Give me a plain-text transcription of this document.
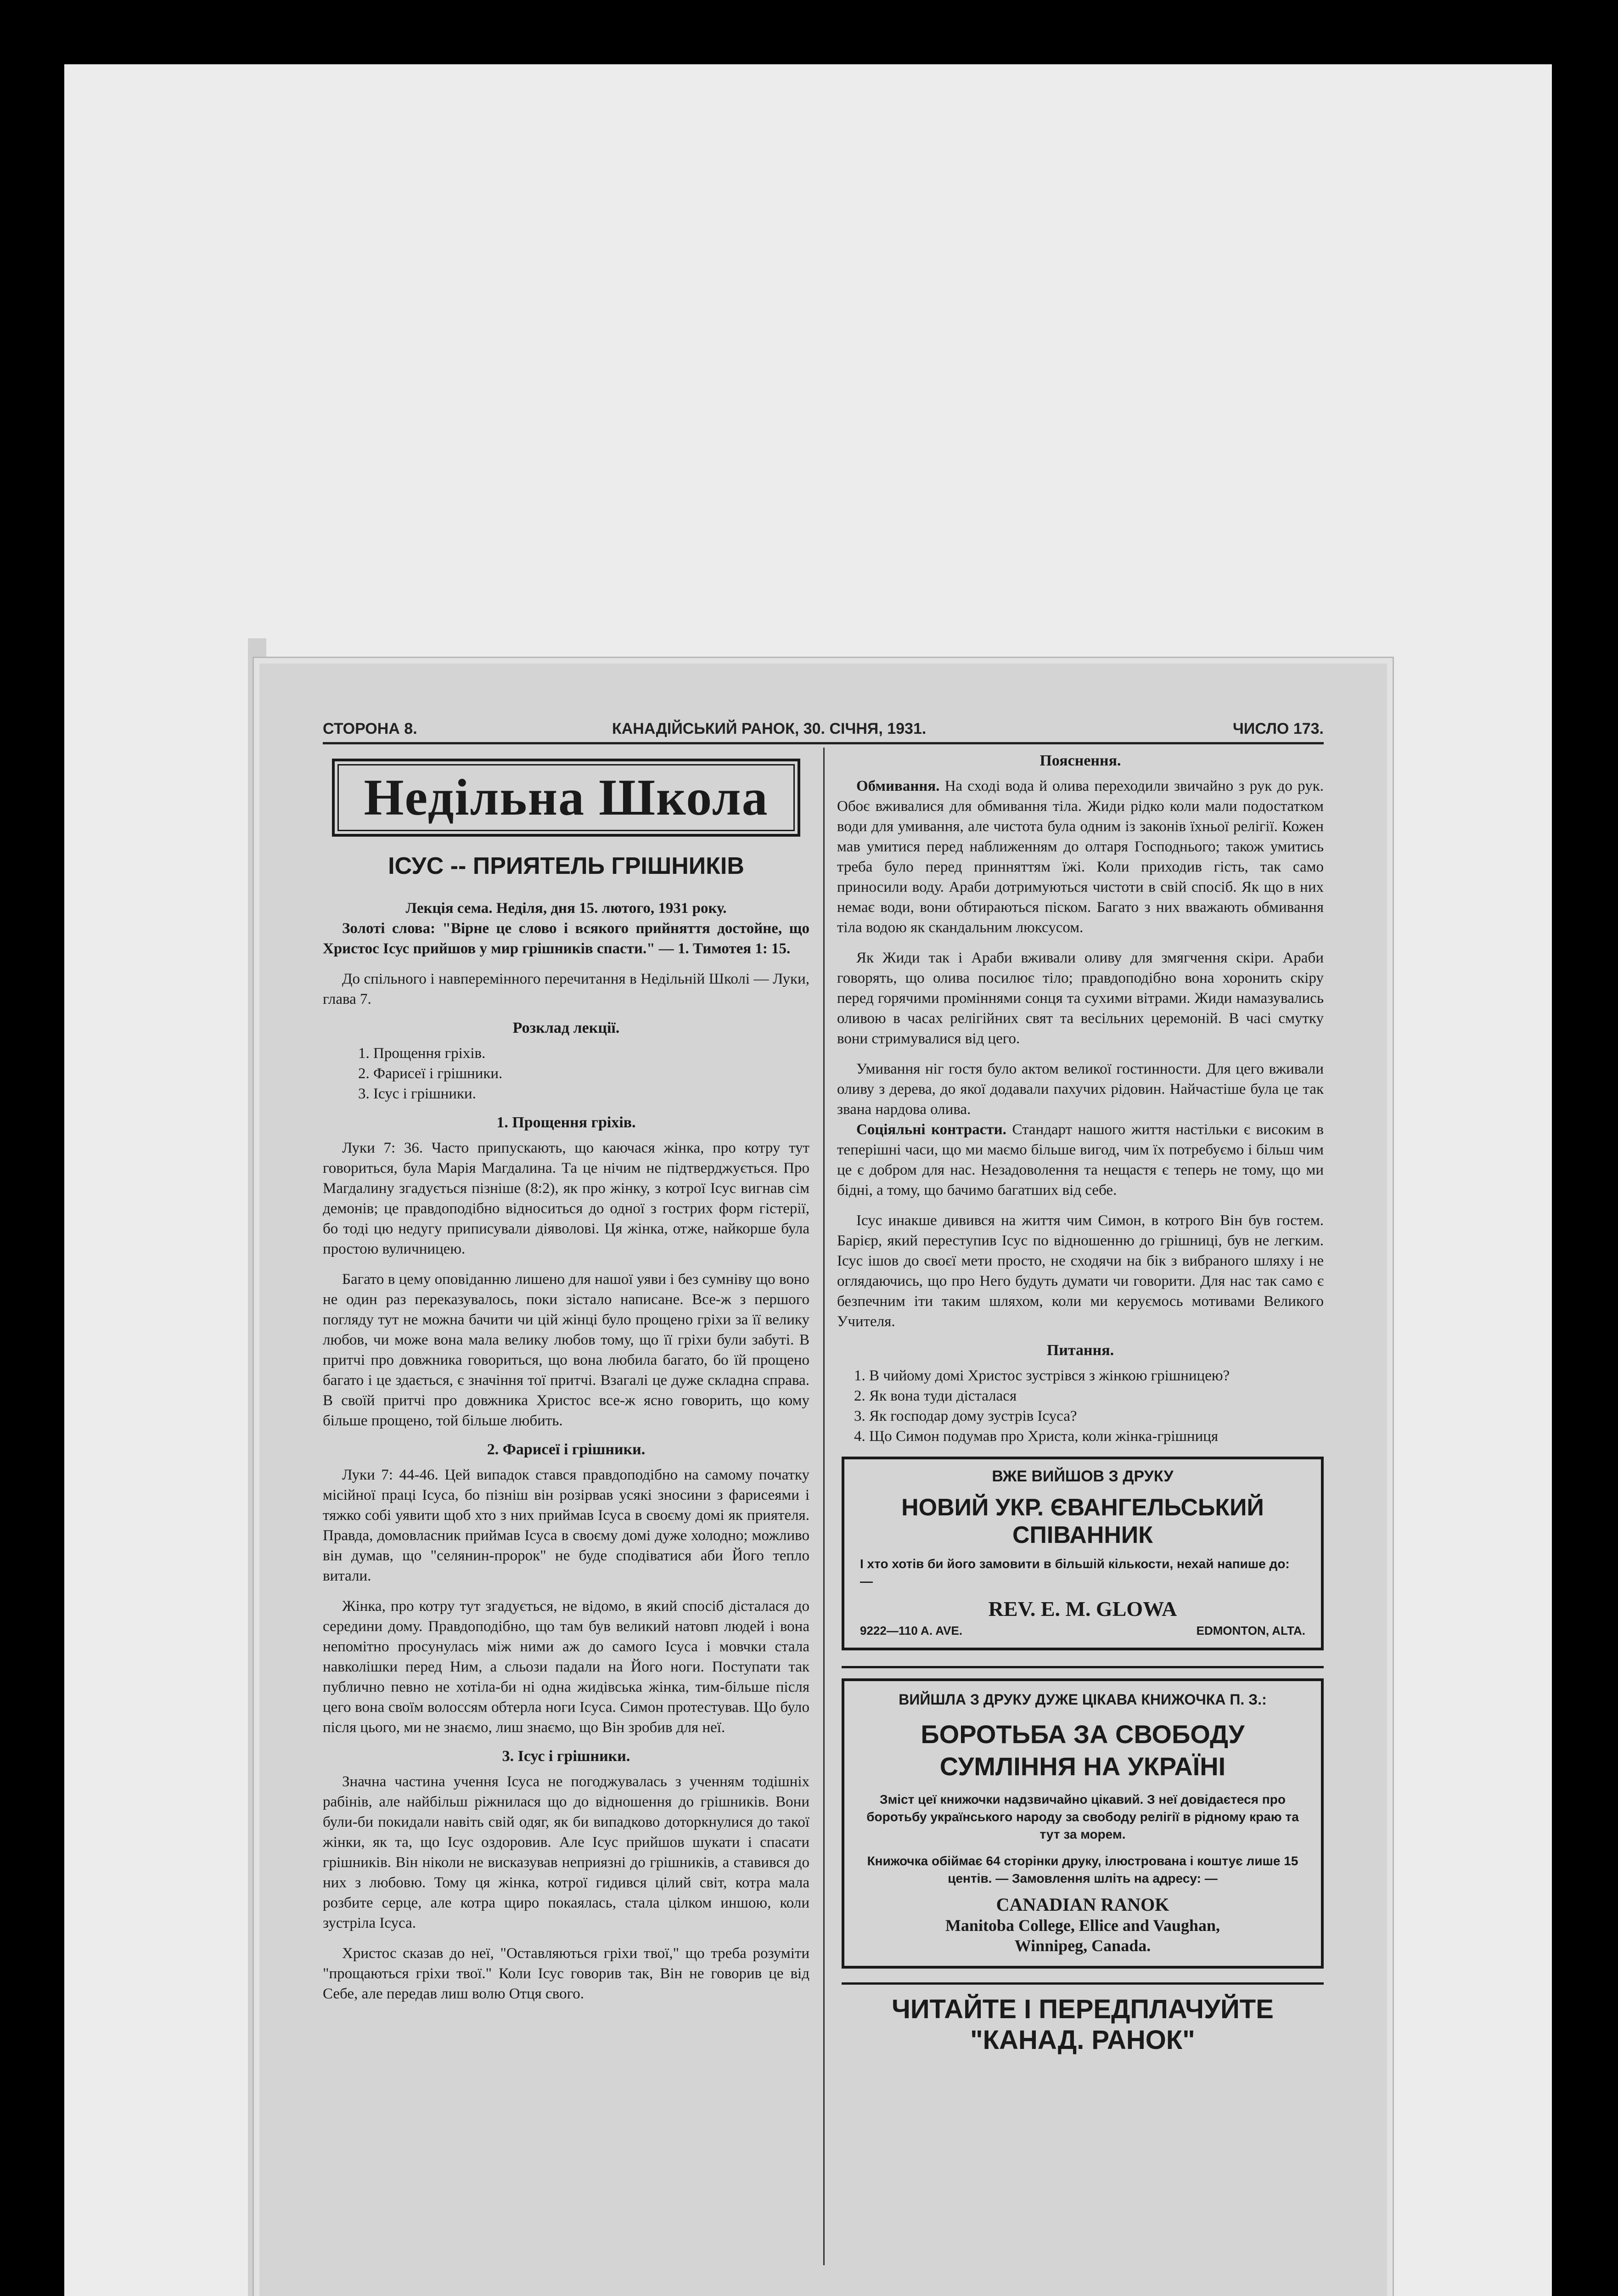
СТОРОНА 8.	КАНАДІЙСЬКИЙ РАНОК, 30. СІЧНЯ, 1931.	ЧИСЛО 173.
Недільна Школа
ІСУС -- ПРИЯТЕЛЬ ГРІШНИКІВ

Лекція сема. Неділя, дня 15. лютого, 1931 року.

Золоті слова: "Вірне це слово і всякого прийняття достойне, що Христос Ісус прийшов у мир грішників спасти." — 1. Тимотея 1: 15.

До спільного і навперемінного перечитання в Недільній Школі — Луки, глава 7.

Розклад лекції.
1. Прощення гріхів.
2. Фарисеї і грішники.
3. Ісус і грішники.
1. Прощення гріхів.

Луки 7: 36. Часто припускають, що каючася жінка, про котру тут говориться, була Марія Магдалина. Та це нічим не підтверджується. Про Магдалину згадується пізніше (8:2), як про жінку, з котрої Ісус вигнав сім демонів; це правдоподібно відноситься до одної з гострих форм гістерії, бо тоді цю недугу приписували діяволові. Ця жінка, отже, найкорше була простою вуличницею.

Багато в цему оповіданню лишено для нашої уяви і без сумніву що воно не один раз переказувалось, поки зістало написане. Все-ж з першого погляду тут не можна бачити чи цій жінці було прощено гріхи за її велику любов, чи може вона мала велику любов тому, що її гріхи були забуті. В притчі про довжника говориться, що вона любила багато, бо їй прощено багато і це здається, є значіння тої притчі. Взагалі це дуже складна справа. В своїй притчі про довжника Христос все-ж ясно говорить, що кому більше прощено, той більше любить.

2. Фарисеї і грішники.

Луки 7: 44-46. Цей випадок стався правдоподібно на самому початку місійної праці Ісуса, бо пізніш він розірвав усякі зносини з фарисеями і тяжко собі уявити щоб хто з них приймав Ісуса в своєму домі як приятеля. Правда, домовласник приймав Ісуса в своєму домі дуже холодно; можливо він думав, що "селянин-пророк" не буде сподіватися аби Його тепло витали.

Жінка, про котру тут згадується, не відомо, в який спосіб дісталася до середини дому. Правдоподібно, що там був великий натовп людей і вона непомітно просунулась між ними аж до самого Ісуса і мовчки стала навколішки перед Ним, а сльози падали на Його ноги. Поступати так публично певно не хотіла-би ні одна жидівська жінка, тим-більше після цего вона своїм волоссям обтерла ноги Ісуса. Симон протестував. Що було після цього, ми не знаємо, лиш знаємо, що Він зробив для неї.

3. Ісус і грішники.

Значна частина учення Ісуса не погоджувалась з ученням тодішніх рабінів, але найбільш ріжнилася що до відношення до грішників. Вони були-би покидали навіть свій одяг, як би випадково доторкнулися до такої жінки, як та, що Ісус оздоровив. Але Ісус прийшов шукати і спасати грішників. Він ніколи не висказував неприязні до грішників, а ставився до них з любовю. Тому ця жінка, котрої гидився цілий світ, котра мала розбите серце, але котра щиро покаялась, стала цілком иншою, коли зустріла Ісуса.

Христос сказав до неї, "Оставляються гріхи твої," що треба розуміти "прощаються гріхи твої." Коли Ісус говорив так, Він не говорив це від Себе, але передав лиш волю Отця свого.

Пояснення.

Обмивання. На сході вода й олива переходили звичайно з рук до рук. Обоє вживалися для обмивання тіла. Жиди рідко коли мали подостатком води для умивання, але чистота була одним із законів їхньої релігії. Кожен мав умитися перед наближенням до олтаря Господнього; також умитись треба було перед принняттям їжі. Коли приходив гість, так само приносили воду. Араби дотримуються чистоти в свій спосіб. Як що в них немає води, вони обтираються піском. Багато з них вважають обмивання тіла водою як скандальним люксусом.

Як Жиди так і Араби вживали оливу для змягчення скіри. Араби говорять, що олива посилює тіло; правдоподібно вона хоронить скіру перед горячими проміннями сонця та сухими вітрами. Жиди намазувались оливою в часах релігійних свят та весільних церемоній. В часі смутку вони стримувалися від цего.

Умивання ніг гостя було актом великої гостинности. Для цего вживали оливу з дерева, до якої додавали пахучих рідовин. Найчастіше була це так звана нардова олива.

Соціяльні контрасти. Стандарт нашого життя настільки є високим в теперішні часи, що ми маємо більше вигод, чим їх потребуємо і більш чим це є добром для нас. Незадоволення та нещастя є теперь не тому, що ми бідні, а тому, що бачимо багатших від себе.

Ісус инакше дивився на життя чим Симон, в котрого Він був гостем. Барієр, який переступив Ісус по відношенню до грішниці, був не легким. Ісус ішов до своєї мети просто, не сходячи на бік з вибраного шляху і не оглядаючись, що про Него будуть думати чи говорити. Для нас так само є безпечним іти таким шляхом, коли ми керуємось мотивами Великого Учителя.

Питання.
1. В чийому домі Христос зустрівся з жінкою грішницею?
2. Як вона туди дісталася
3. Як господар дому зустрів Ісуса?
4. Що Симон подумав про Христа, коли жінка-грішниця
ВЖЕ ВИЙШОВ З ДРУКУ
НОВИЙ УКР. ЄВАНГЕЛЬСЬКИЙ СПІВАННИК
І хто хотів би його замовити в більшій кількости, нехай напише до: —
REV. E. M. GLOWA
9222—110 A. AVE.	EDMONTON, ALTA.
ВИЙШЛА З ДРУКУ ДУЖЕ ЦІКАВА КНИЖОЧКА П. З.:
БОРОТЬБА ЗА СВОБОДУ СУМЛІННЯ НА УКРАЇНІ
Зміст цеї книжочки надзвичайно цікавий. З неї довідаєтеся про боротьбу українського народу за свободу релігії в рідному краю та тут за морем.
Книжочка обіймає 64 сторінки друку, ілюстрована і коштує лише 15 центів. — Замовлення шліть на адресу: —
CANADIAN RANOK
Manitoba College, Ellice and Vaughan,
Winnipeg, Canada.
ЧИТАЙТЕ І ПЕРЕДПЛАЧУЙТЕ "КАНАД. РАНОК"
